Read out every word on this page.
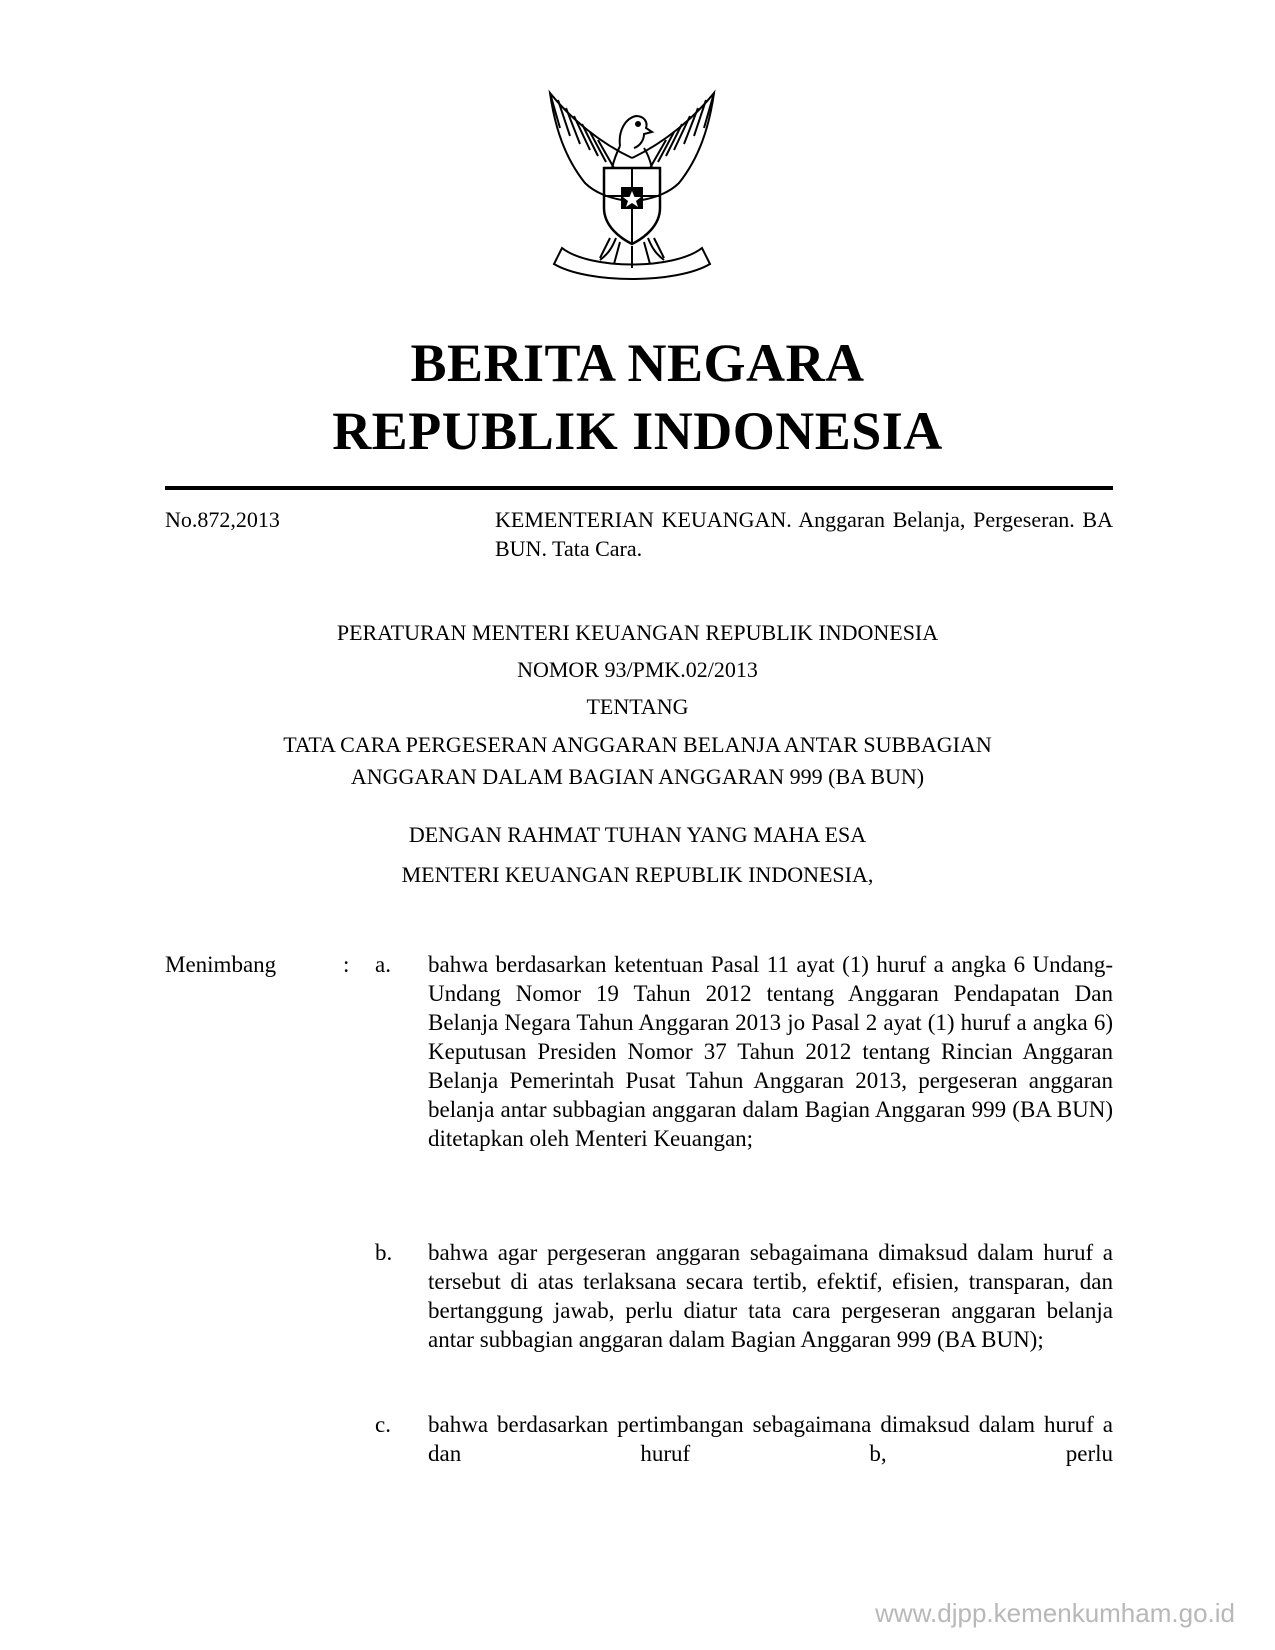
BERITA NEGARA
REPUBLIK INDONESIA
No.872,2013	KEMENTERIAN KEUANGAN. Anggaran Belanja, Pergeseran. BA BUN. Tata Cara.
PERATURAN MENTERI KEUANGAN REPUBLIK INDONESIA
NOMOR 93/PMK.02/2013
TENTANG
TATA CARA PERGESERAN ANGGARAN BELANJA ANTAR SUBBAGIAN
ANGGARAN DALAM BAGIAN ANGGARAN 999 (BA BUN)
DENGAN RAHMAT TUHAN YANG MAHA ESA
MENTERI KEUANGAN REPUBLIK INDONESIA,
Menimbang	: a. bahwa berdasarkan ketentuan Pasal 11 ayat (1) huruf a angka 6 Undang-Undang Nomor 19 Tahun 2012 tentang Anggaran Pendapatan Dan Belanja Negara Tahun Anggaran 2013 jo Pasal 2 ayat (1) huruf a angka 6) Keputusan Presiden Nomor 37 Tahun 2012 tentang Rincian Anggaran Belanja Pemerintah Pusat Tahun Anggaran 2013, pergeseran anggaran belanja antar subbagian anggaran dalam Bagian Anggaran 999 (BA BUN) ditetapkan oleh Menteri Keuangan;
b. bahwa agar pergeseran anggaran sebagaimana dimaksud dalam huruf a tersebut di atas terlaksana secara tertib, efektif, efisien, transparan, dan bertanggung jawab, perlu diatur tata cara pergeseran anggaran belanja antar subbagian anggaran dalam Bagian Anggaran 999 (BA BUN);
c. bahwa berdasarkan pertimbangan sebagaimana dimaksud dalam huruf a dan huruf b, perlu
www.djpp.kemenkumham.go.id
